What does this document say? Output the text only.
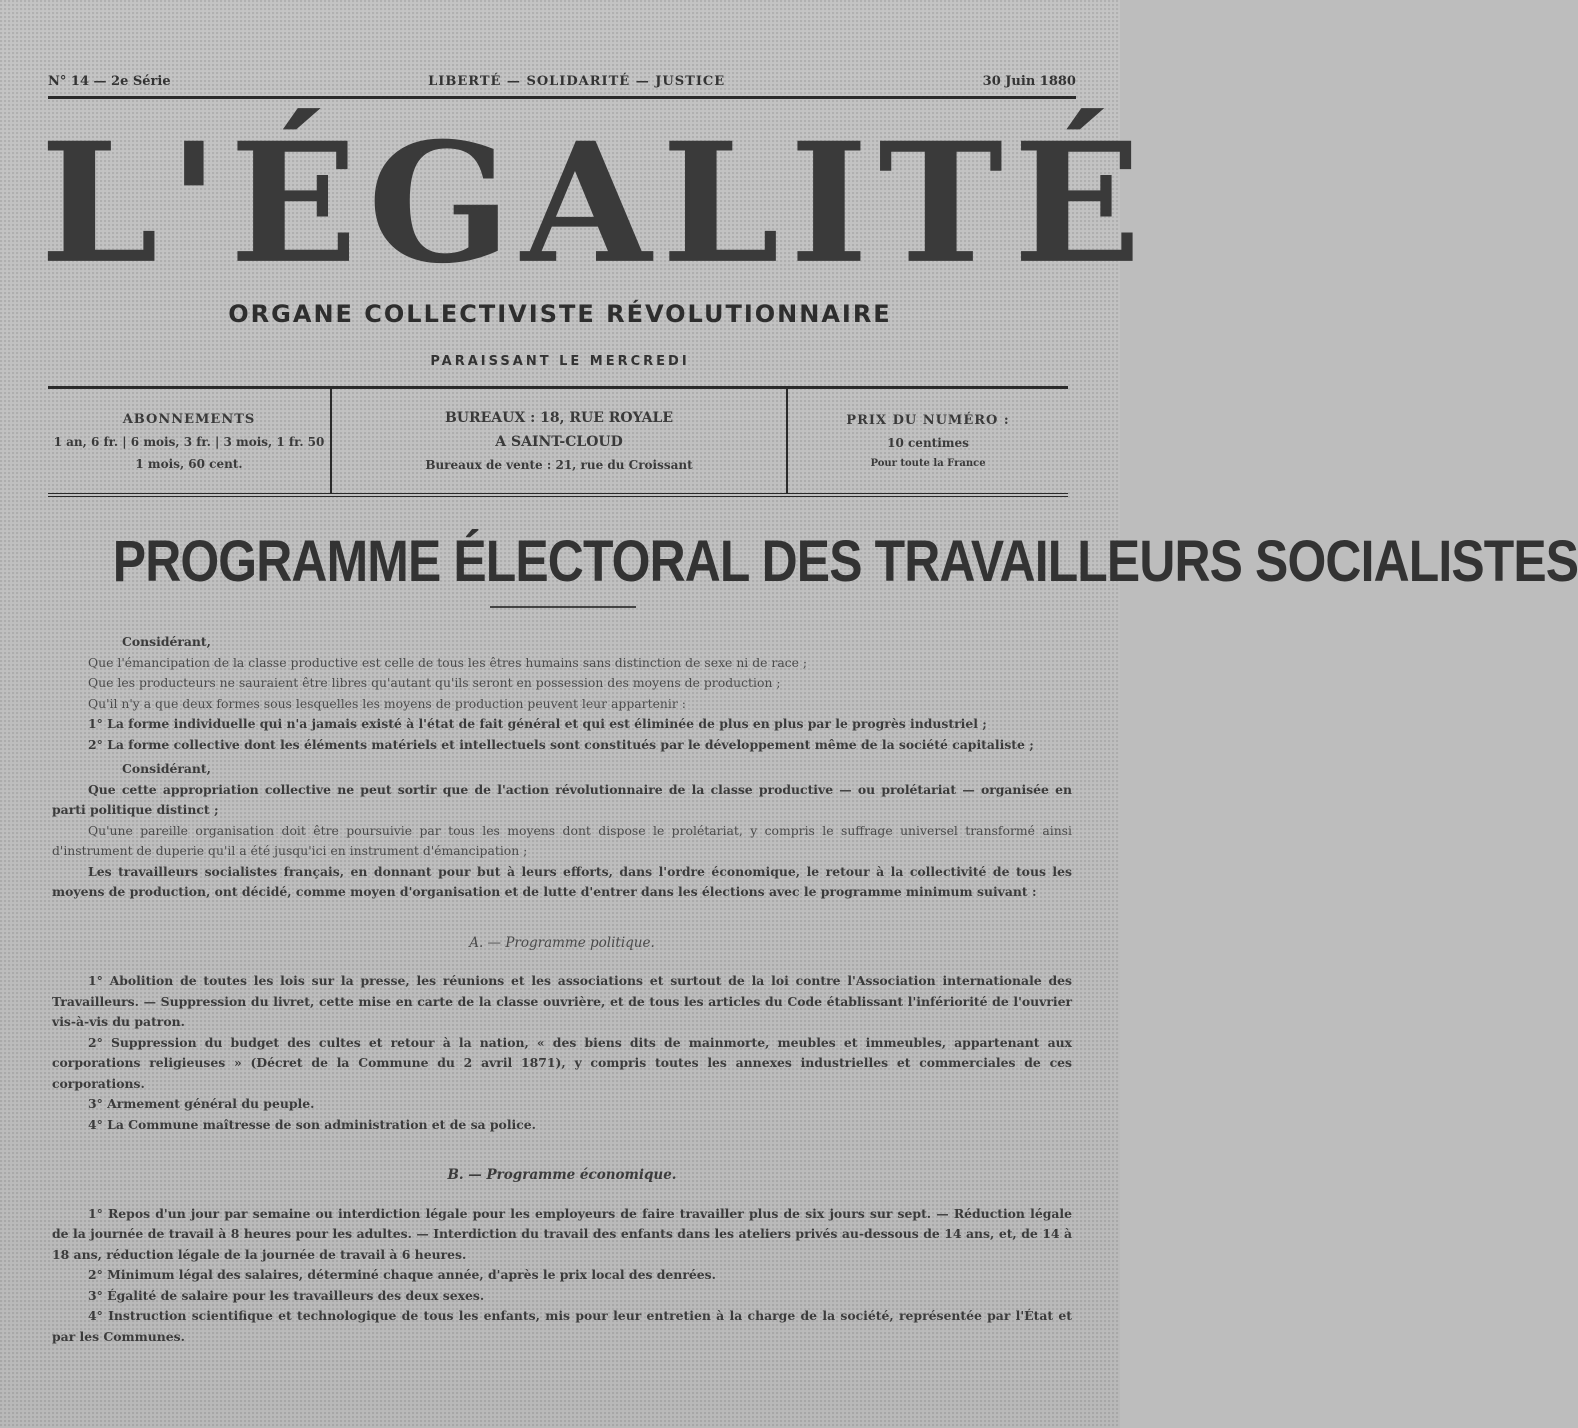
N° 14 — 2e Série	LIBERTÉ — SOLIDARITÉ — JUSTICE	30 Juin 1880
L'ÉGALITÉ
ORGANE COLLECTIVISTE RÉVOLUTIONNAIRE
PARAISSANT LE MERCREDI
ABONNEMENTS
1 an, 6 fr. | 6 mois, 3 fr. | 3 mois, 1 fr. 50
1 mois, 60 cent.
BUREAUX : 18, RUE ROYALE
A SAINT-CLOUD
Bureaux de vente : 21, rue du Croissant
PRIX DU NUMÉRO :
10 centimes
Pour toute la France
PROGRAMME ÉLECTORAL DES TRAVAILLEURS SOCIALISTES

Considérant,

Que l'émancipation de la classe productive est celle de tous les êtres humains sans distinction de sexe ni de race ;

Que les producteurs ne sauraient être libres qu'autant qu'ils seront en possession des moyens de production ;

Qu'il n'y a que deux formes sous lesquelles les moyens de production peuvent leur appartenir :

1° La forme individuelle qui n'a jamais existé à l'état de fait général et qui est éliminée de plus en plus par le progrès industriel ;

2° La forme collective dont les éléments matériels et intellectuels sont constitués par le développement même de la société capitaliste ;

Considérant,

Que cette appropriation collective ne peut sortir que de l'action révolutionnaire de la classe productive — ou prolétariat — organisée en parti politique distinct ;

Qu'une pareille organisation doit être poursuivie par tous les moyens dont dispose le prolétariat, y compris le suffrage universel transformé ainsi d'instrument de duperie qu'il a été jusqu'ici en instrument d'émancipation ;

Les travailleurs socialistes français, en donnant pour but à leurs efforts, dans l'ordre économique, le retour à la collectivité de tous les moyens de production, ont décidé, comme moyen d'organisation et de lutte d'entrer dans les élections avec le programme minimum suivant :

A. — Programme politique.

1° Abolition de toutes les lois sur la presse, les réunions et les associations et surtout de la loi contre l'Association internationale des Travailleurs. — Suppression du livret, cette mise en carte de la classe ouvrière, et de tous les articles du Code établissant l'infériorité de l'ouvrier vis-à-vis du patron.

2° Suppression du budget des cultes et retour à la nation, « des biens dits de mainmorte, meubles et immeubles, appartenant aux corporations religieuses » (Décret de la Commune du 2 avril 1871), y compris toutes les annexes industrielles et commerciales de ces corporations.

3° Armement général du peuple.

4° La Commune maîtresse de son administration et de sa police.

B. — Programme économique.

1° Repos d'un jour par semaine ou interdiction légale pour les employeurs de faire travailler plus de six jours sur sept. — Réduction légale de la journée de travail à 8 heures pour les adultes. — Interdiction du travail des enfants dans les ateliers privés au-dessous de 14 ans, et, de 14 à 18 ans, réduction légale de la journée de travail à 6 heures.

2° Minimum légal des salaires, déterminé chaque année, d'après le prix local des denrées.

3° Égalité de salaire pour les travailleurs des deux sexes.

4° Instruction scientifique et technologique de tous les enfants, mis pour leur entretien à la charge de la société, représentée par l'État et par les Communes.
